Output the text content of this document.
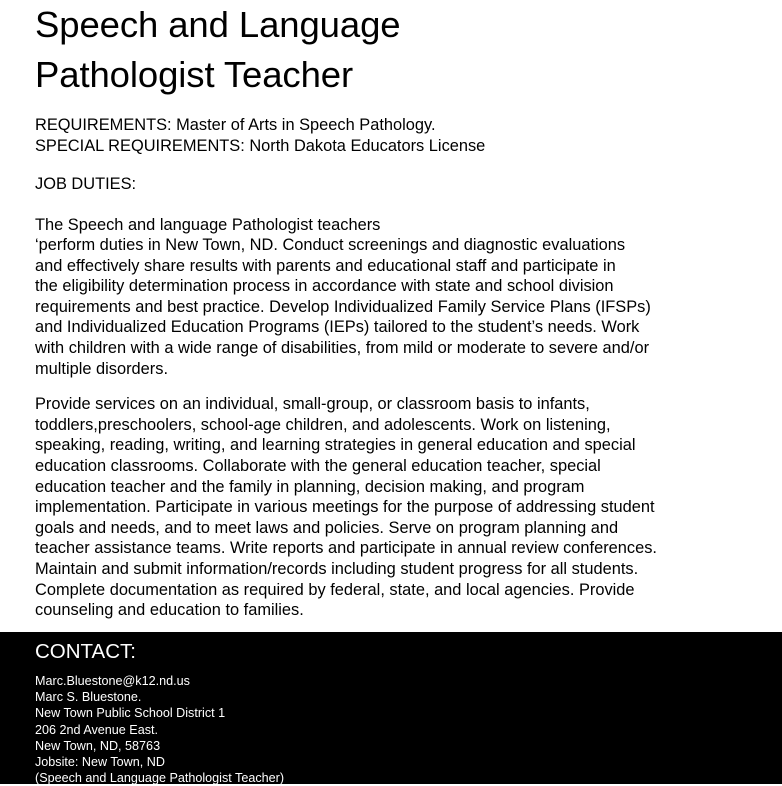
Speech and Language
Pathologist Teacher
REQUIREMENTS: Master of Arts in Speech Pathology.
SPECIAL REQUIREMENTS: North Dakota Educators License
JOB DUTIES:
The Speech and language Pathologist teachers
‘perform duties in New Town, ND. Conduct screenings and diagnostic evaluations
and effectively share results with parents and educational staff and participate in
the eligibility determination process in accordance with state and school division
requirements and best practice. Develop Individualized Family Service Plans (IFSPs)
and Individualized Education Programs (IEPs) tailored to the student’s needs. Work
with children with a wide range of disabilities, from mild or moderate to severe and/or
multiple disorders.
Provide services on an individual, small-group, or classroom basis to infants,
toddlers,preschoolers, school-age children, and adolescents. Work on listening,
speaking, reading, writing, and learning strategies in general education and special
education classrooms. Collaborate with the general education teacher, special
education teacher and the family in planning, decision making, and program
implementation. Participate in various meetings for the purpose of addressing student
goals and needs, and to meet laws and policies. Serve on program planning and
teacher assistance teams. Write reports and participate in annual review conferences.
Maintain and submit information/records including student progress for all students.
Complete documentation as required by federal, state, and local agencies. Provide
counseling and education to families.
CONTACT:
Marc.Bluestone@k12.nd.us
Marc S. Bluestone.
New Town Public School District 1
206 2nd Avenue East.
New Town, ND, 58763
Jobsite: New Town, ND
(Speech and Language Pathologist Teacher)
